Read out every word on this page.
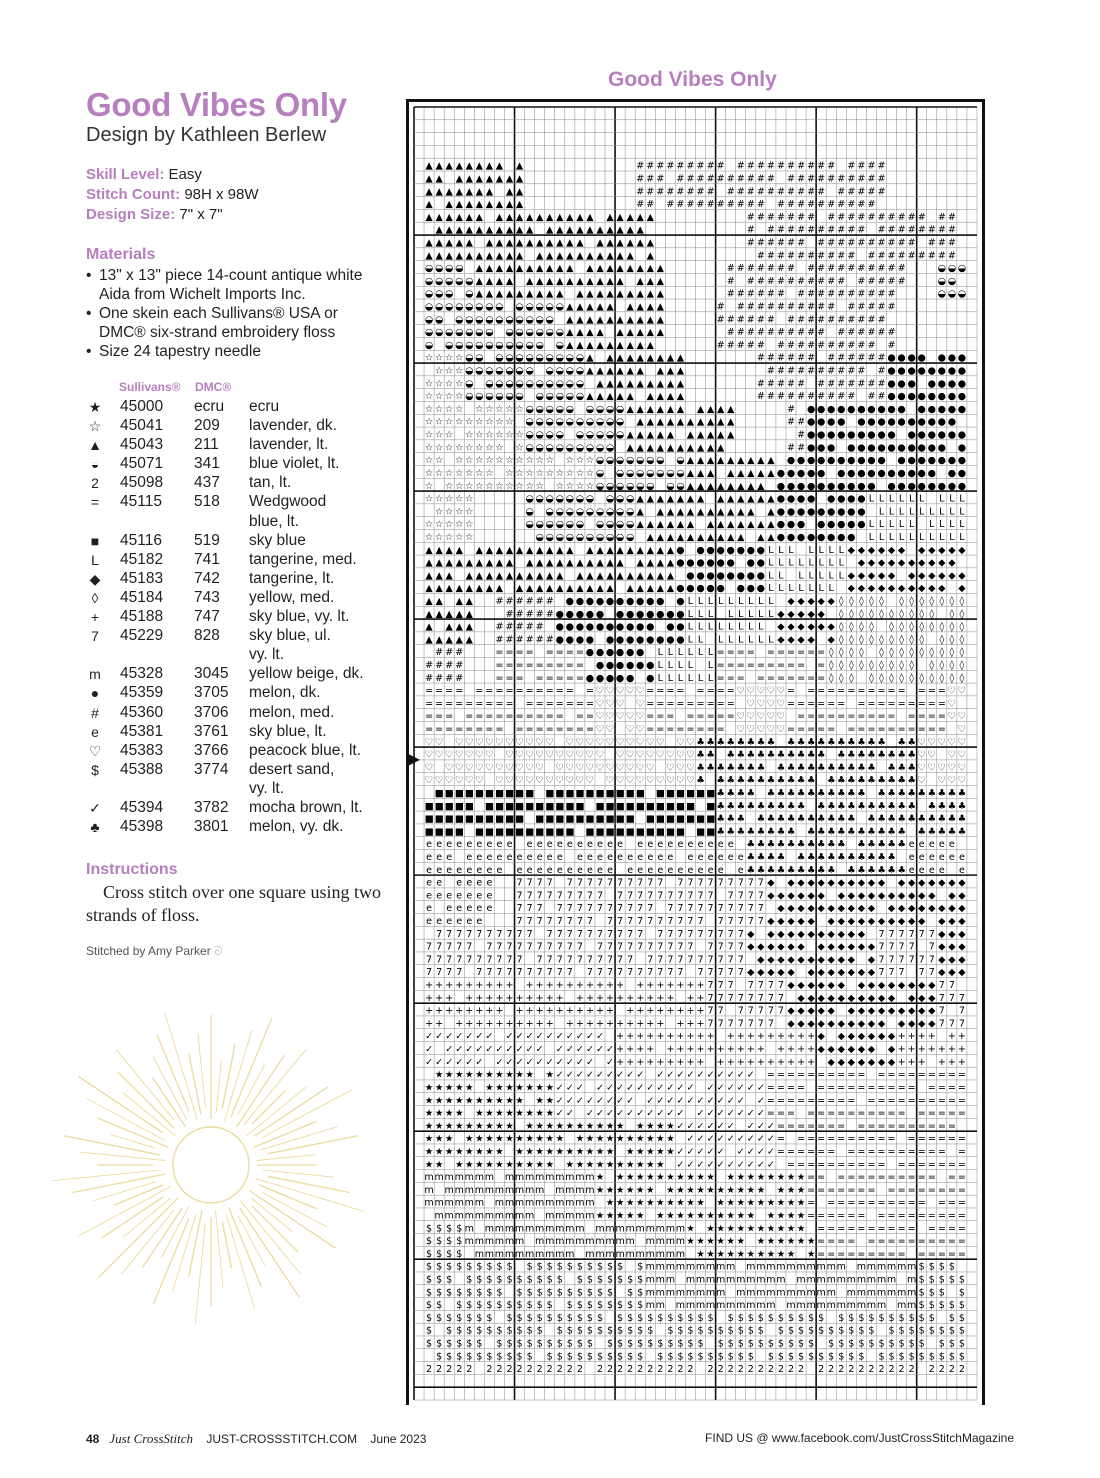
Good Vibes Only
Design by Kathleen Berlew
Skill Level: Easy
Stitch Count: 98H x 98W
Design Size: 7" x 7"
Materials
• 13" x 13" piece 14-count antique white Aida from Wichelt Imports Inc.
• One skein each Sullivans® USA or DMC® six-strand embroidery floss
• Size 24 tapestry needle
Sullivans® DMC®
★ 45000 ecru ecru
☆ 45041 209 lavender, dk.
▲ 45043 211 lavender, lt.
◒	45071 341 blue violet, lt.
2	45098 437 tan, lt.
=	45115 518 Wedgwood
blue, lt.
■	45116 519 sky blue
L	45182 741 tangerine, med.
◆ 45183 742 tangerine, lt.
◊	45184 743 yellow, med.
+	45188 747 sky blue, vy. lt.
7	45229 828 sky blue, ul.
vy. lt.
m 45328 3045 yellow beige, dk.
●	45359 3705 melon, dk.
#	45360 3706 melon, med.
e	45381 3761 sky blue, lt.
♡ 45383 3766 peacock blue, lt.
$	45388 3774 desert sand,
vy. lt.
✓ 45394 3782 mocha brown, lt.
♣ 45398 3801 melon, vy. dk.
Instructions
Cross stitch over one square using two strands of floss.
Stitched by Amy Parker ᘐ
Good Vibes Only
▲ ▲ ▲ ▲ ▲ ▲ ▲ ▲ ▲	# # # # # # # # # # # # # # # # # # # # # # #
▲ ▲ ▲ ▲ ▲ ▲ ▲ ▲ ▲	# # # # # # # # # # # # # # # # # # # # # # #
▲ ▲ ▲ ▲ ▲ ▲ ▲ ▲ ▲	# # # # # # # # # # # # # # # # # # # # # # #
▲ ▲ ▲ ▲ ▲ ▲ ▲ ▲ ▲	# # # # # # # # # # # # # # # # # # # # # #
▲ ▲ ▲ ▲ ▲ ▲ ▲ ▲ ▲ ▲ ▲ ▲ ▲ ▲ ▲ ▲ ▲ ▲ ▲ ▲ ▲	# # # # # # # # # # # # # # # # # # #
▲ ▲ ▲ ▲ ▲ ▲ ▲ ▲ ▲ ▲ ▲ ▲ ▲ ▲ ▲ ▲ ▲ ▲ ▲ ▲	# # # # # # # # # # # # # # # # # # #
▲ ▲ ▲ ▲ ▲ ▲ ▲ ▲ ▲ ▲ ▲ ▲ ▲ ▲ ▲ ▲ ▲ ▲ ▲ ▲ ▲	# # # # # # # # # # # # # # # # # # #
▲ ▲ ▲ ▲ ▲ ▲ ▲ ▲ ▲ ▲ ▲ ▲ ▲ ▲ ▲ ▲ ▲ ▲ ▲ ▲ ▲	# # # # # # # # # # # # # # # # # # #
◒ ◒ ◒ ◒ ▲ ▲ ▲ ▲ ▲ ▲ ▲ ▲ ▲ ▲ ▲ ▲ ▲ ▲ ▲ ▲ ▲ ▲	# # # # # # # # # # # # # # # # #	◒ ◒ ◒
◒ ◒ ◒ ◒ ◒ ▲ ▲ ▲ ▲ ▲ ▲ ▲ ▲ ▲ ▲ ▲ ▲ ▲ ▲ ▲ ▲ ▲	# # # # # # # # # # # # # # # #	◒ ◒
◒ ◒ ◒ ◒ ▲ ▲ ▲ ▲ ▲ ▲ ▲ ▲ ▲ ▲ ▲ ▲ ▲ ▲ ▲ ▲ ▲ ▲	# # # # # # # # # # # # # # # #	◒ ◒ ◒
◒ ◒ ◒ ◒ ◒ ◒ ◒ ◒ ◒ ◒ ◒ ◒ ◒ ▲ ▲ ▲ ▲ ▲ ▲ ▲ ▲ ▲	# # # # # # # # # # # # # # # #
◒ ◒ ◒ ◒ ◒ ◒ ◒ ◒ ◒ ◒ ◒ ◒ ▲ ▲ ▲ ▲ ▲ ▲ ▲ ▲ ▲ ▲	# # # # # # # # # # # # # # # #
◒ ◒ ◒ ◒ ◒ ◒ ◒ ◒ ◒ ◒ ◒ ◒ ◒ ▲ ▲ ▲ ▲ ▲ ▲ ▲ ▲ ▲	# # # # # # # # # # # # # # # #
◒ ◒ ◒ ◒ ◒ ◒ ◒ ◒ ◒ ◒ ◒ ◒ ▲ ▲ ▲ ▲ ▲ ▲ ▲ ▲ ▲	# # # # # # # # # # # # # # # #
☆ ☆ ☆ ☆ ◒ ◒ ◒ ◒ ◒ ◒ ◒ ◒ ◒ ◒ ◒ ▲ ▲ ▲ ▲ ▲ ▲ ▲ ▲ ▲	# # # # # # # # # # # # ● ● ● ● ● ● ●
☆ ☆ ☆ ◒ ◒ ◒ ◒ ◒ ◒ ◒ ◒ ◒ ◒ ◒ ▲ ▲ ▲ ▲ ▲ ▲ ▲ ▲ ▲	# # # # # # # # # # # ● ● ● ● ● ● ● ●
☆ ☆ ☆ ☆ ◒ ◒ ◒ ◒ ◒ ◒ ◒ ◒ ◒ ◒ ◒ ▲ ▲ ▲ ▲ ▲ ▲ ▲ ▲ ▲	# # # # # # # # # # # # ● ● ● ● ● ● ●
☆ ☆ ☆ ☆ ◒ ◒ ◒ ◒ ◒ ◒ ◒ ◒ ◒ ◒ ◒ ▲ ▲ ▲ ▲ ▲ ▲ ▲ ▲ ▲	# # # # # # # # # # # # ● ● ● ● ● ● ● ●
☆ ☆ ☆ ☆ ☆ ☆ ☆ ☆ ☆ ◒ ◒ ◒ ◒ ◒ ◒ ◒ ◒ ◒ ▲ ▲ ▲ ▲ ▲ ▲ ▲ ▲ ▲ ▲	# ● ● ● ● ● ● ● ● ● ● ● ● ● ● ●
☆ ☆ ☆ ☆ ☆ ☆ ☆ ☆ ☆ ◒ ◒ ◒ ◒ ◒ ◒ ◒ ◒ ◒ ◒ ▲ ▲ ▲ ▲ ▲ ▲ ▲ ▲ ▲ ▲	# # ● ● ● ● ● ● ● ● ● ● ● ● ● ●
☆ ☆ ☆ ☆ ☆ ☆ ☆ ☆ ☆ ◒ ◒ ◒ ◒ ◒ ◒ ◒ ◒ ◒ ▲ ▲ ▲ ▲ ▲ ▲ ▲ ▲ ▲ ▲	# ● ● ● ● ● ● ● ● ● ● ● ● ● ● ●
☆ ☆ ☆ ☆ ☆ ☆ ☆ ☆ ☆ ◒ ◒ ◒ ◒ ◒ ◒ ◒ ◒ ◒ ▲ ▲ ▲ ▲ ▲ ▲ ▲ ▲ ▲ ▲	# # ● ● ● ● ● ● ● ● ● ● ● ● ● ●
☆ ☆ ☆ ☆ ☆ ☆ ☆ ☆ ☆ ☆ ☆ ☆ ☆ ☆ ☆ ◒ ◒ ◒ ◒ ◒ ◒ ◒ ◒ ▲ ▲ ▲ ▲ ▲ ▲ ▲ ▲ ▲ ● ● ● ● ● ● ● ● ● ● ● ● ● ● ● ● ●
☆ ☆ ☆ ☆ ☆ ☆ ☆ ☆ ☆ ☆ ☆ ☆ ☆ ☆ ☆ ☆ ◒ ◒ ◒ ◒ ◒ ◒ ◒ ◒ ▲ ▲ ▲ ▲ ▲ ▲ ▲ ▲ ● ● ● ● ● ● ● ● ● ● ● ● ● ● ● ● ●
☆ ☆ ☆ ☆ ☆ ☆ ☆ ☆ ☆ ☆ ☆ ☆ ☆ ☆ ☆ ◒ ◒ ◒ ◒ ◒ ◒ ◒ ◒ ▲ ▲ ▲ ▲ ▲ ▲ ▲ ▲ ● ● ● ● ● ● ● ● ● ● ● ● ● ● ● ● ● ●
☆ ☆ ☆ ☆ ☆	◒ ◒ ◒ ◒ ◒ ◒ ◒ ◒ ◒ ◒ ▲ ▲ ▲ ▲ ▲ ▲ ▲ ▲ ▲ ▲ ▲ ▲ ▲ ● ● ● ● ● ● ● ● L L L L L L L L L
☆ ☆ ☆ ☆	◒ ◒ ◒ ◒ ◒ ◒ ◒ ◒ ◒ ◒ ▲ ▲ ▲ ▲ ▲ ▲ ▲ ▲ ▲ ▲ ▲ ▲ ● ● ● ● ● ● ● ● ● L L L L L L L L L
☆ ☆ ☆ ☆ ☆	◒ ◒ ◒ ◒ ◒ ◒ ◒ ◒ ◒ ◒ ▲ ▲ ▲ ▲ ▲ ▲ ▲ ▲ ▲ ▲ ▲ ▲ ▲ ● ● ● ● ● ● ● ● L L L L L L L L L
☆ ☆ ☆ ☆ ☆	◒ ◒ ◒ ◒ ◒ ◒ ◒ ◒ ◒ ◒ ▲ ▲ ▲ ▲ ▲ ▲ ▲ ▲ ▲ ▲ ▲ ▲ ● ● ● ● ● ● ● ● L L L L L L L L L L
▲ ▲ ▲ ▲ ▲ ▲ ▲ ▲ ▲ ▲ ▲ ▲ ▲ ▲ ▲ ▲ ▲ ▲ ▲ ▲ ▲ ▲ ▲ ● ● ● ● ● ● ● ● L L L L L L L ◆ ◆ ◆ ◆ ◆ ◆ ◆ ◆ ◆ ◆ ◆
▲ ▲ ▲ ▲ ▲ ▲ ▲ ▲ ▲ ▲ ▲ ▲ ▲ ▲ ▲ ▲ ▲ ▲ ▲ ▲ ▲ ▲ ▲ ● ● ● ● ● ● ● ● L L L L L L L L ◆ ◆ ◆ ◆ ◆ ◆ ◆ ◆ ◆ ◆
▲ ▲ ▲ ▲ ▲ ▲ ▲ ▲ ▲ ▲ ▲ ▲ ▲ ▲ ▲ ▲ ▲ ▲ ▲ ▲ ▲ ▲ ▲ ● ● ● ● ● ● ● ● L L L L L L L ◆ ◆ ◆ ◆ ◆ ◆ ◆ ◆ ◆ ◆ ◆
▲ ▲ ▲ ▲ ▲ ▲ ▲ ▲ ▲ ▲ ▲ ▲ ▲ ▲ ▲ ▲ ▲ ▲ ▲ ▲ ▲ ▲ ▲ ● ● ● ● ● ● ● ● L L L L L L L ◆ ◆ ◆ ◆ ◆ ◆ ◆ ◆ ◆ ◆ ◆
▲ ▲ ▲ ▲ # # # # # # ● ● ● ● ● ● ● ● ● ● ● L L L L L L L L L ◆ ◆ ◆ ◆ ◆ ◊ ◊ ◊ ◊ ◊ ◊ ◊ ◊ ◊ ◊ ◊ ◊
▲ ▲ ▲ ▲ ▲	# # # # # ● ● ● ● ● ● ● ● ● ● ● ● L L L L L L L L ◆ ◆ ◆ ◆ ◆ ◊ ◊ ◊ ◊ ◊ ◊ ◊ ◊ ◊ ◊ ◊ ◊
▲ ▲ ▲ ▲ # # # # # ● ● ● ● ● ● ● ● ● ● ● ● L L L L L L L L ◆ ◆ ◆ ◆ ◆ ◆ ◊ ◊ ◊ ◊ ◊ ◊ ◊ ◊ ◊ ◊ ◊ ◊
▲ ▲ ▲ ▲ ▲ # # # # # # ● ● ● ● ● ● ● ● ● ● ● ● L L L L L L L L ◆ ◆ ◆ ◆ ◆ ◊ ◊ ◊ ◊ ◊ ◊ ◊ ◊ ◊ ◊ ◊ ◊
# # #	= = = = = = = = ● ● ● ● ● ● L L L L L L = = = = = = = = = = ◊ ◊ ◊ ◊ ◊ ◊ ◊ ◊ ◊ ◊ ◊ ◊ ◊
# # # #	= = = = = = = = = ● ● ● ● ● ● L L L L L = = = = = = = = = = ◊ ◊ ◊ ◊ ◊ ◊ ◊ ◊ ◊ ◊ ◊ ◊ ◊
# # # #	= = = = = = = = ● ● ● ● ● ● L L L L L L = = = = = = = = = = ◊ ◊ ◊ ◊ ◊ ◊ ◊ ◊ ◊ ◊ ◊ ◊ ◊
= = = = = = = = = = = = = = = ♡ ♡ ♡ ♡ ♡ = = = = = = = = ♡ ♡ ♡ ♡ ♡ = = = = = = = = = = = = = = ♡ ♡
= = = = = = = = = = = = = = = = ♡ ♡ ♡ ♡ = = = = = = = = = ♡ ♡ ♡ ♡ = = = = = = = = = = = = = = = ♡
= = = = = = = = = = = = = = = ♡ ♡ ♡ ♡ ♡ = = = = = = = = ♡ ♡ ♡ ♡ ♡ = = = = = = = = = = = = = = ♡ ♡
= = = = = = = = = = = = = = = = ♡ ♡ ♡ ♡ = = = = = = = = ♡ ♡ ♡ ♡ ♡ = = = = = = = = = = = = = = = ♡
♡ ♡ ♡ ♡ ♡ ♡ ♡ ♡ ♡ ♡ ♡ ♡ ♡ ♡ ♡ ♡ ♡ ♡ ♡ ♡ ♡ ♡ ♡ ♡ ♣ ♣ ♣ ♣ ♣ ♣ ♣ ♣ ♣ ♣ ♣ ♣ ♣ ♣ ♣ ♣ ♣ ♣ ♣ ♣ ♡ ♡ ♡ ♡ ♡
♡ ♡ ♡ ♡ ♡ ♡ ♡ ♡ ♡ ♡ ♡ ♡ ♡ ♡ ♡ ♡ ♡ ♡ ♡ ♡ ♡ ♡ ♡ ♡ ♡ ♣ ♣ ♣ ♣ ♣ ♣ ♣ ♣ ♣ ♣ ♣ ♣ ♣ ♣ ♣ ♣ ♣ ♣ ♣ ♣ ♡ ♡ ♡ ♡
♡ ♡ ♡ ♡ ♡ ♡ ♡ ♡ ♡ ♡ ♡ ♡ ♡ ♡ ♡ ♡ ♡ ♡ ♡ ♡ ♡ ♡ ♡ ♡ ♣ ♣ ♣ ♣ ♣ ♣ ♣ ♣ ♣ ♣ ♣ ♣ ♣ ♣ ♣ ♣ ♣ ♣ ♣ ♣ ♡ ♡ ♡ ♡ ♡
♡ ♡ ♡ ♡ ♡ ♡ ♡ ♡ ♡ ♡ ♡ ♡ ♡ ♡ ♡ ♡ ♡ ♡ ♡ ♡ ♡ ♡ ♡ ♡ ♡ ♣ ♣ ♣ ♣ ♣ ♣ ♣ ♣ ♣ ♣ ♣ ♣ ♣ ♣ ♣ ♣ ♣ ♣ ♣ ♣ ♡ ♡ ♡ ♡
■ ■ ■ ■ ■ ■ ■ ■ ■ ■ ■ ■ ■ ■ ■ ■ ■ ■ ■ ■ ■ ■ ■ ■ ■ ■ ♣ ♣ ♣ ♣ ♣ ♣ ♣ ♣ ♣ ♣ ♣ ♣ ♣ ♣ ♣ ♣ ♣ ♣ ♣ ♣ ♣ ♣ ♣
■ ■ ■ ■ ■ ■ ■ ■ ■ ■ ■ ■ ■ ■ ■ ■ ■ ■ ■ ■ ■ ■ ■ ■ ■ ■ ♣ ♣ ♣ ♣ ♣ ♣ ♣ ♣ ♣ ♣ ♣ ♣ ♣ ♣ ♣ ♣ ♣ ♣ ♣ ♣ ♣ ♣ ♣
■ ■ ■ ■ ■ ■ ■ ■ ■ ■ ■ ■ ■ ■ ■ ■ ■ ■ ■ ■ ■ ■ ■ ■ ■ ■ ■ ♣ ♣ ♣ ♣ ♣ ♣ ♣ ♣ ♣ ♣ ♣ ♣ ♣ ♣ ♣ ♣ ♣ ♣ ♣ ♣ ♣ ♣ ♣
■ ■ ■ ■ ■ ■ ■ ■ ■ ■ ■ ■ ■ ■ ■ ■ ■ ■ ■ ■ ■ ■ ■ ■ ■ ■ ♣ ♣ ♣ ♣ ♣ ♣ ♣ ♣ ♣ ♣ ♣ ♣ ♣ ♣ ♣ ♣ ♣ ♣ ♣ ♣ ♣ ♣ ♣
e e e e e e e e e e e e e e e e e e e e e e e e e e e e e ♣ ♣ ♣ ♣ ♣ ♣ ♣ ♣ ♣ ♣ ♣ ♣ ♣ ♣ ♣ e e e e e
e e e e e e e e e e e e e e e e e e e e e e e e e e e e e ♣ ♣ ♣ ♣ ♣ ♣ ♣ ♣ ♣ ♣ ♣ ♣ ♣ ♣ e e e e e e
e e e e e e e e e e e e e e e e e e e e e e e e e e e e e ♣ ♣ ♣ ♣ ♣ ♣ ♣ ♣ ♣ ♣ ♣ ♣ ♣ ♣ ♣ e e e e e
e e e e e e	7 7 7 7 7 7 7 7 7 7 7 7 7 7 7 7 7 7 7 7 7 7 7 ◆ ◆ ◆ ◆ ◆ ◆ ◆ ◆ ◆ ◆ ◆ ◆ ◆ ◆ ◆ ◆ ◆ ◆
e e e e e e e	7 7 7 7 7 7 7 7 7 7 7 7 7 7 7 7 7 7 7 7 7 7 7 ◆ ◆ ◆ ◆ ◆ ◆ ◆ ◆ ◆ ◆ ◆ ◆ ◆ ◆ ◆ ◆ ◆ ◆
e e e e e e	7 7 7 7 7 7 7 7 7 7 7 7 7 7 7 7 7 7 7 7 7 7 7 ◆ ◆ ◆ ◆ ◆ ◆ ◆ ◆ ◆ ◆ ◆ ◆ ◆ ◆ ◆ ◆ ◆ ◆
e e e e e e	7 7 7 7 7 7 7 7 7 7 7 7 7 7 7 7 7 7 7 7 7 7 7 ◆ ◆ ◆ ◆ ◆ ◆ ◆ ◆ ◆ ◆ ◆ ◆ ◆ ◆ ◆ ◆ ◆ ◆
7 7 7 7 7 7 7 7 7 7 7 7 7 7 7 7 7 7 7 7 7 7 7 7 7 7 7 7 7 ◆ ◆ ◆ ◆ ◆ ◆ ◆ ◆ ◆ ◆ ◆ 7 7 7 7 7 7 ◆ ◆ ◆
7 7 7 7 7 7 7 7 7 7 7 7 7 7 7 7 7 7 7 7 7 7 7 7 7 7 7 7 7 ◆ ◆ ◆ ◆ ◆ ◆ ◆ ◆ ◆ ◆ ◆ ◆ 7 7 7 7 7 ◆ ◆ ◆
7 7 7 7 7 7 7 7 7 7 7 7 7 7 7 7 7 7 7 7 7 7 7 7 7 7 7 7 7 7 ◆ ◆ ◆ ◆ ◆ ◆ ◆ ◆ ◆ ◆ ◆ 7 7 7 7 7 7 ◆ ◆ ◆
7 7 7 7 7 7 7 7 7 7 7 7 7 7 7 7 7 7 7 7 7 7 7 7 7 7 7 7 7 ◆ ◆ ◆ ◆ ◆ ◆ ◆ ◆ ◆ ◆ ◆ ◆ 7 7 7 7 7 ◆ ◆ ◆
+ + + + + + + + + + + + + + + + + + + + + + + + + + 7 7 7 7 7 7 7 ◆ ◆ ◆ ◆ ◆ ◆ ◆ ◆ ◆ ◆ ◆ ◆ ◆ ◆ 7 7
+ + + + + + + + + + + + + + + + + + + + + + + + + 7 7 7 7 7 7 7 7 ◆ ◆ ◆ ◆ ◆ ◆ ◆ ◆ ◆ ◆ ◆ ◆ ◆ 7 7 7
+ + + + + + + + + + + + + + + + + + + + + + + + + + 7 7 7 7 7 7 7 ◆ ◆ ◆ ◆ ◆ ◆ ◆ ◆ ◆ ◆ ◆ ◆ ◆ ◆ 7 7
+ + + + + + + + + + + + + + + + + + + + + + + + + 7 7 7 7 7 7 7 ◆ ◆ ◆ ◆ ◆ ◆ ◆ ◆ ◆ ◆ ◆ ◆ ◆ ◆ 7 7 7
✓ ✓ ✓ ✓ ✓ ✓ ✓ ✓ ✓ ✓ ✓ ✓ ✓ ✓ ✓ ✓ ✓ + + + + + + + + + + + + + + + + + + + ◆ ◆ ◆ ◆ ◆ ◆ ◆ + + + + + +
✓ ✓ ✓ ✓ ✓ ✓ ✓ ✓ ✓ ✓ ✓ ✓ ✓ ✓ ✓ ✓ ✓ + + + + + + + + + + + + + + + + + + ◆ ◆ ◆ ◆ ◆ ◆ ◆ + + + + + + +
✓ ✓ ✓ ✓ ✓ ✓ ✓ ✓ ✓ ✓ ✓ ✓ ✓ ✓ ✓ ✓ ✓ + + + + + + + + + + + + + + + + + + + ◆ ◆ ◆ ◆ ◆ ◆ ◆ + + + + + +
★ ★ ★ ★ ★ ★ ★ ★ ★ ★ ★ ✓ ✓ ✓ ✓ ✓ ✓ ✓ ✓ ✓ ✓ ✓ ✓ ✓ ✓ ✓ ✓ ✓ ✓ ✓ = = = = = = = = = = = = = = = = = = =
★ ★ ★ ★ ★ ★ ★ ★ ★ ★ ★ ★ ✓ ✓ ✓ ✓ ✓ ✓ ✓ ✓ ✓ ✓ ✓ ✓ ✓ ✓ ✓ ✓ ✓ ✓ ✓ = = = = = = = = = = = = = = = = = =
★ ★ ★ ★ ★ ★ ★ ★ ★ ★ ★ ★ ✓ ✓ ✓ ✓ ✓ ✓ ✓ ✓ ✓ ✓ ✓ ✓ ✓ ✓ ✓ ✓ ✓ ✓ ✓ = = = = = = = = = = = = = = = = = = =
★ ★ ★ ★ ★ ★ ★ ★ ★ ★ ★ ★ ✓ ✓ ✓ ✓ ✓ ✓ ✓ ✓ ✓ ✓ ✓ ✓ ✓ ✓ ✓ ✓ ✓ ✓ ✓ = = = = = = = = = = = = = = = = = =
★ ★ ★ ★ ★ ★ ★ ★ ★ ★ ★ ★ ★ ★ ★ ★ ★ ★ ★ ★ ★ ★ ★ ✓ ✓ ✓ ✓ ✓ ✓ ✓ ✓ ✓ = = = = = = = = = = = = = = = = =
★ ★ ★ ★ ★ ★ ★ ★ ★ ★ ★ ★ ★ ★ ★ ★ ★ ★ ★ ★ ★ ★ ★ ✓ ✓ ✓ ✓ ✓ ✓ ✓ ✓ ✓ = = = = = = = = = = = = = = = = =
★ ★ ★ ★ ★ ★ ★ ★ ★ ★ ★ ★ ★ ★ ★ ★ ★ ★ ★ ★ ★ ★ ★ ✓ ✓ ✓ ✓ ✓ ✓ ✓ ✓ ✓ = = = = = = = = = = = = = = = = =
★ ★ ★ ★ ★ ★ ★ ★ ★ ★ ★ ★ ★ ★ ★ ★ ★ ★ ★ ★ ★ ★ ✓ ✓ ✓ ✓ ✓ ✓ ✓ ✓ ✓ ✓ = = = = = = = = = = = = = = = = =
m m m m m m m m m m m m m m m m ★ ★ ★ ★ ★ ★ ★ ★ ★ ★ ★ ★ ★ ★ ★ ★ ★ ★ ★ = = = = = = = = = = = = = =
m m m m m m m m m m m m m m m ★ ★ ★ ★ ★ ★ ★ ★ ★ ★ ★ ★ ★ ★ ★ ★ ★ ★ ★ = = = = = = = = = = = = = = =
m m m m m m m m m m m m m m m m ★ ★ ★ ★ ★ ★ ★ ★ ★ ★ ★ ★ ★ ★ ★ ★ ★ ★ ★ = = = = = = = = = = = = = =
m m m m m m m m m m m m m m m ★ ★ ★ ★ ★ ★ ★ ★ ★ ★ ★ ★ ★ ★ ★ ★ ★ ★ ★ = = = = = = = = = = = = = = =
$ $ $ $ m m m m m m m m m m m m m m m m m m m m ★ ★ ★ ★ ★ ★ ★ ★ ★ ★ ★ = = = = = = = = = = = = = =
$ $ $ $ m m m m m m m m m m m m m m m m m m m m ★ ★ ★ ★ ★ ★ ★ ★ ★ ★ ★ ★ = = = = = = = = = = = = = =
$ $ $ $ m m m m m m m m m m m m m m m m m m m m ★ ★ ★ ★ ★ ★ ★ ★ ★ ★ ★ = = = = = = = = = = = = = =
$ $ $ $ $ $ $ $ $ $ $ $ $ $ $ $ $ $ $ $ m m m m m m m m m m m m m m m m m m m m m m m m m $ $ $ $
$ $ $ $ $ $ $ $ $ $ $ $ $ $ $ $ $ $ $ $ m m m m m m m m m m m m m m m m m m m m m m m m $ $ $ $ $
$ $ $ $ $ $ $ $ $ $ $ $ $ $ $ $ $ $ $ $ m m m m m m m m m m m m m m m m m m m m m m m m m $ $ $ $
$ $ $ $ $ $ $ $ $ $ $ $ $ $ $ $ $ $ $ $ m m m m m m m m m m m m m m m m m m m m m m m m $ $ $ $ $
$ $ $ $ $ $ $ $ $ $ $ $ $ $ $ $ $ $ $ $ $ $ $ $ $ $ $ $ $ $ $ $ $ $ $ $ $ $ $ $ $ $ $ $ $ $ $ $ $
$ $ $ $ $ $ $ $ $ $ $ $ $ $ $ $ $ $ $ $ $ $ $ $ $ $ $ $ $ $ $ $ $ $ $ $ $ $ $ $ $ $ $ $ $ $ $ $ $
$ $ $ $ $ $ $ $ $ $ $ $ $ $ $ $ $ $ $ $ $ $ $ $ $ $ $ $ $ $ $ $ $ $ $ $ $ $ $ $ $ $ $ $ $ $ $ $ $
$ $ $ $ $ $ $ $ $ $ $ $ $ $ $ $ $ $ $ $ $ $ $ $ $ $ $ $ $ $ $ $ $ $ $ $ $ $ $ $ $ $ $ $ $ $ $ $ $
2 2 2 2 2 2 2 2 2 2 2 2 2 2 2 2 2 2 2 2 2 2 2 2 2 2 2 2 2 2 2 2 2 2 2 2 2 2 2 2 2 2 2 2 2 2 2 2 2
48 Just CrossStitch JUST-CROSSSTITCH.COM June 2023	FIND US @ www.facebook.com/JustCrossStitchMagazine
